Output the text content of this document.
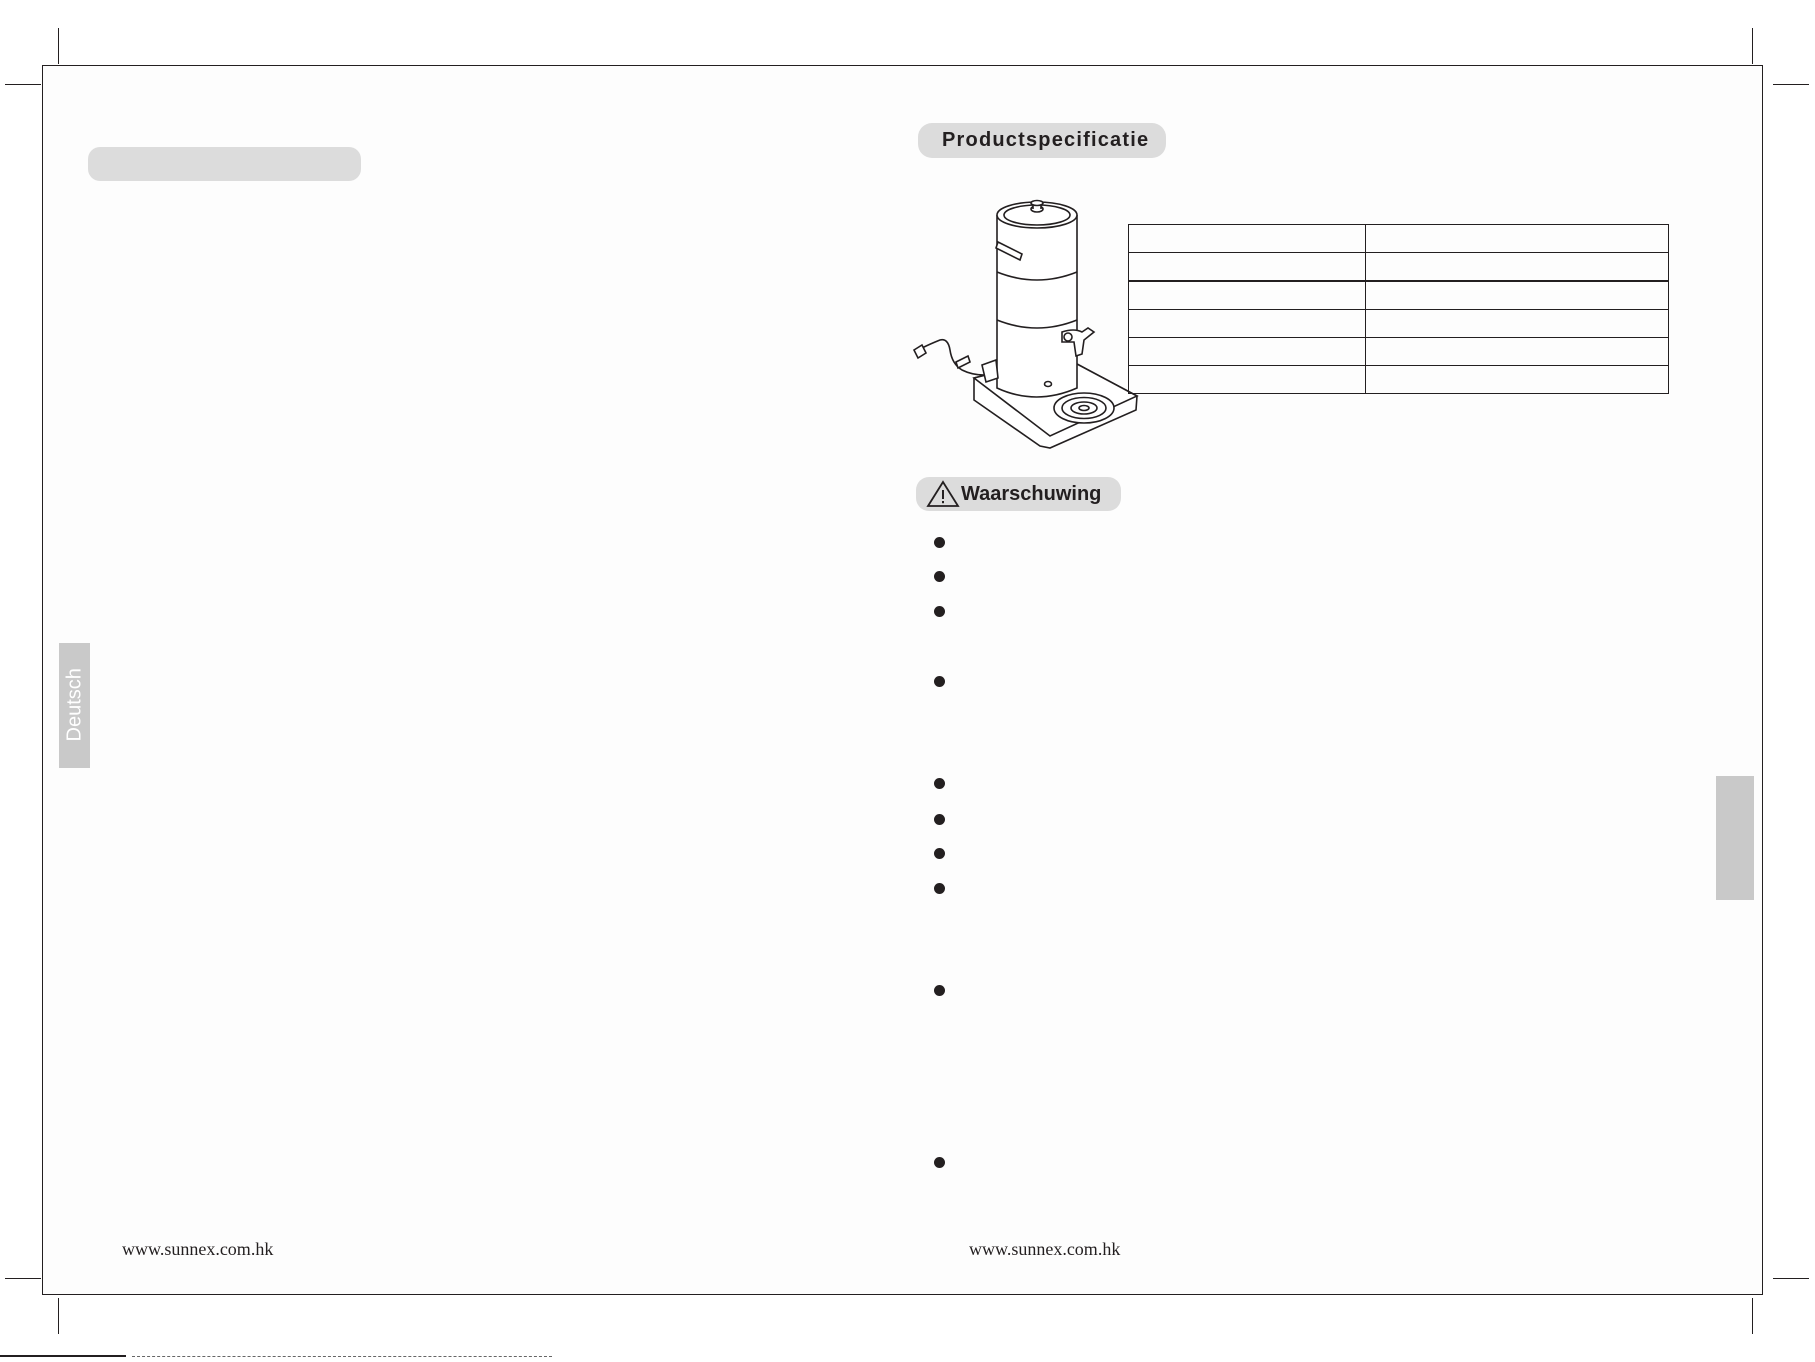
Deutsch
www.sunnex.com.hk
Productspecificatie

Waarschuwing
www.sunnex.com.hk
